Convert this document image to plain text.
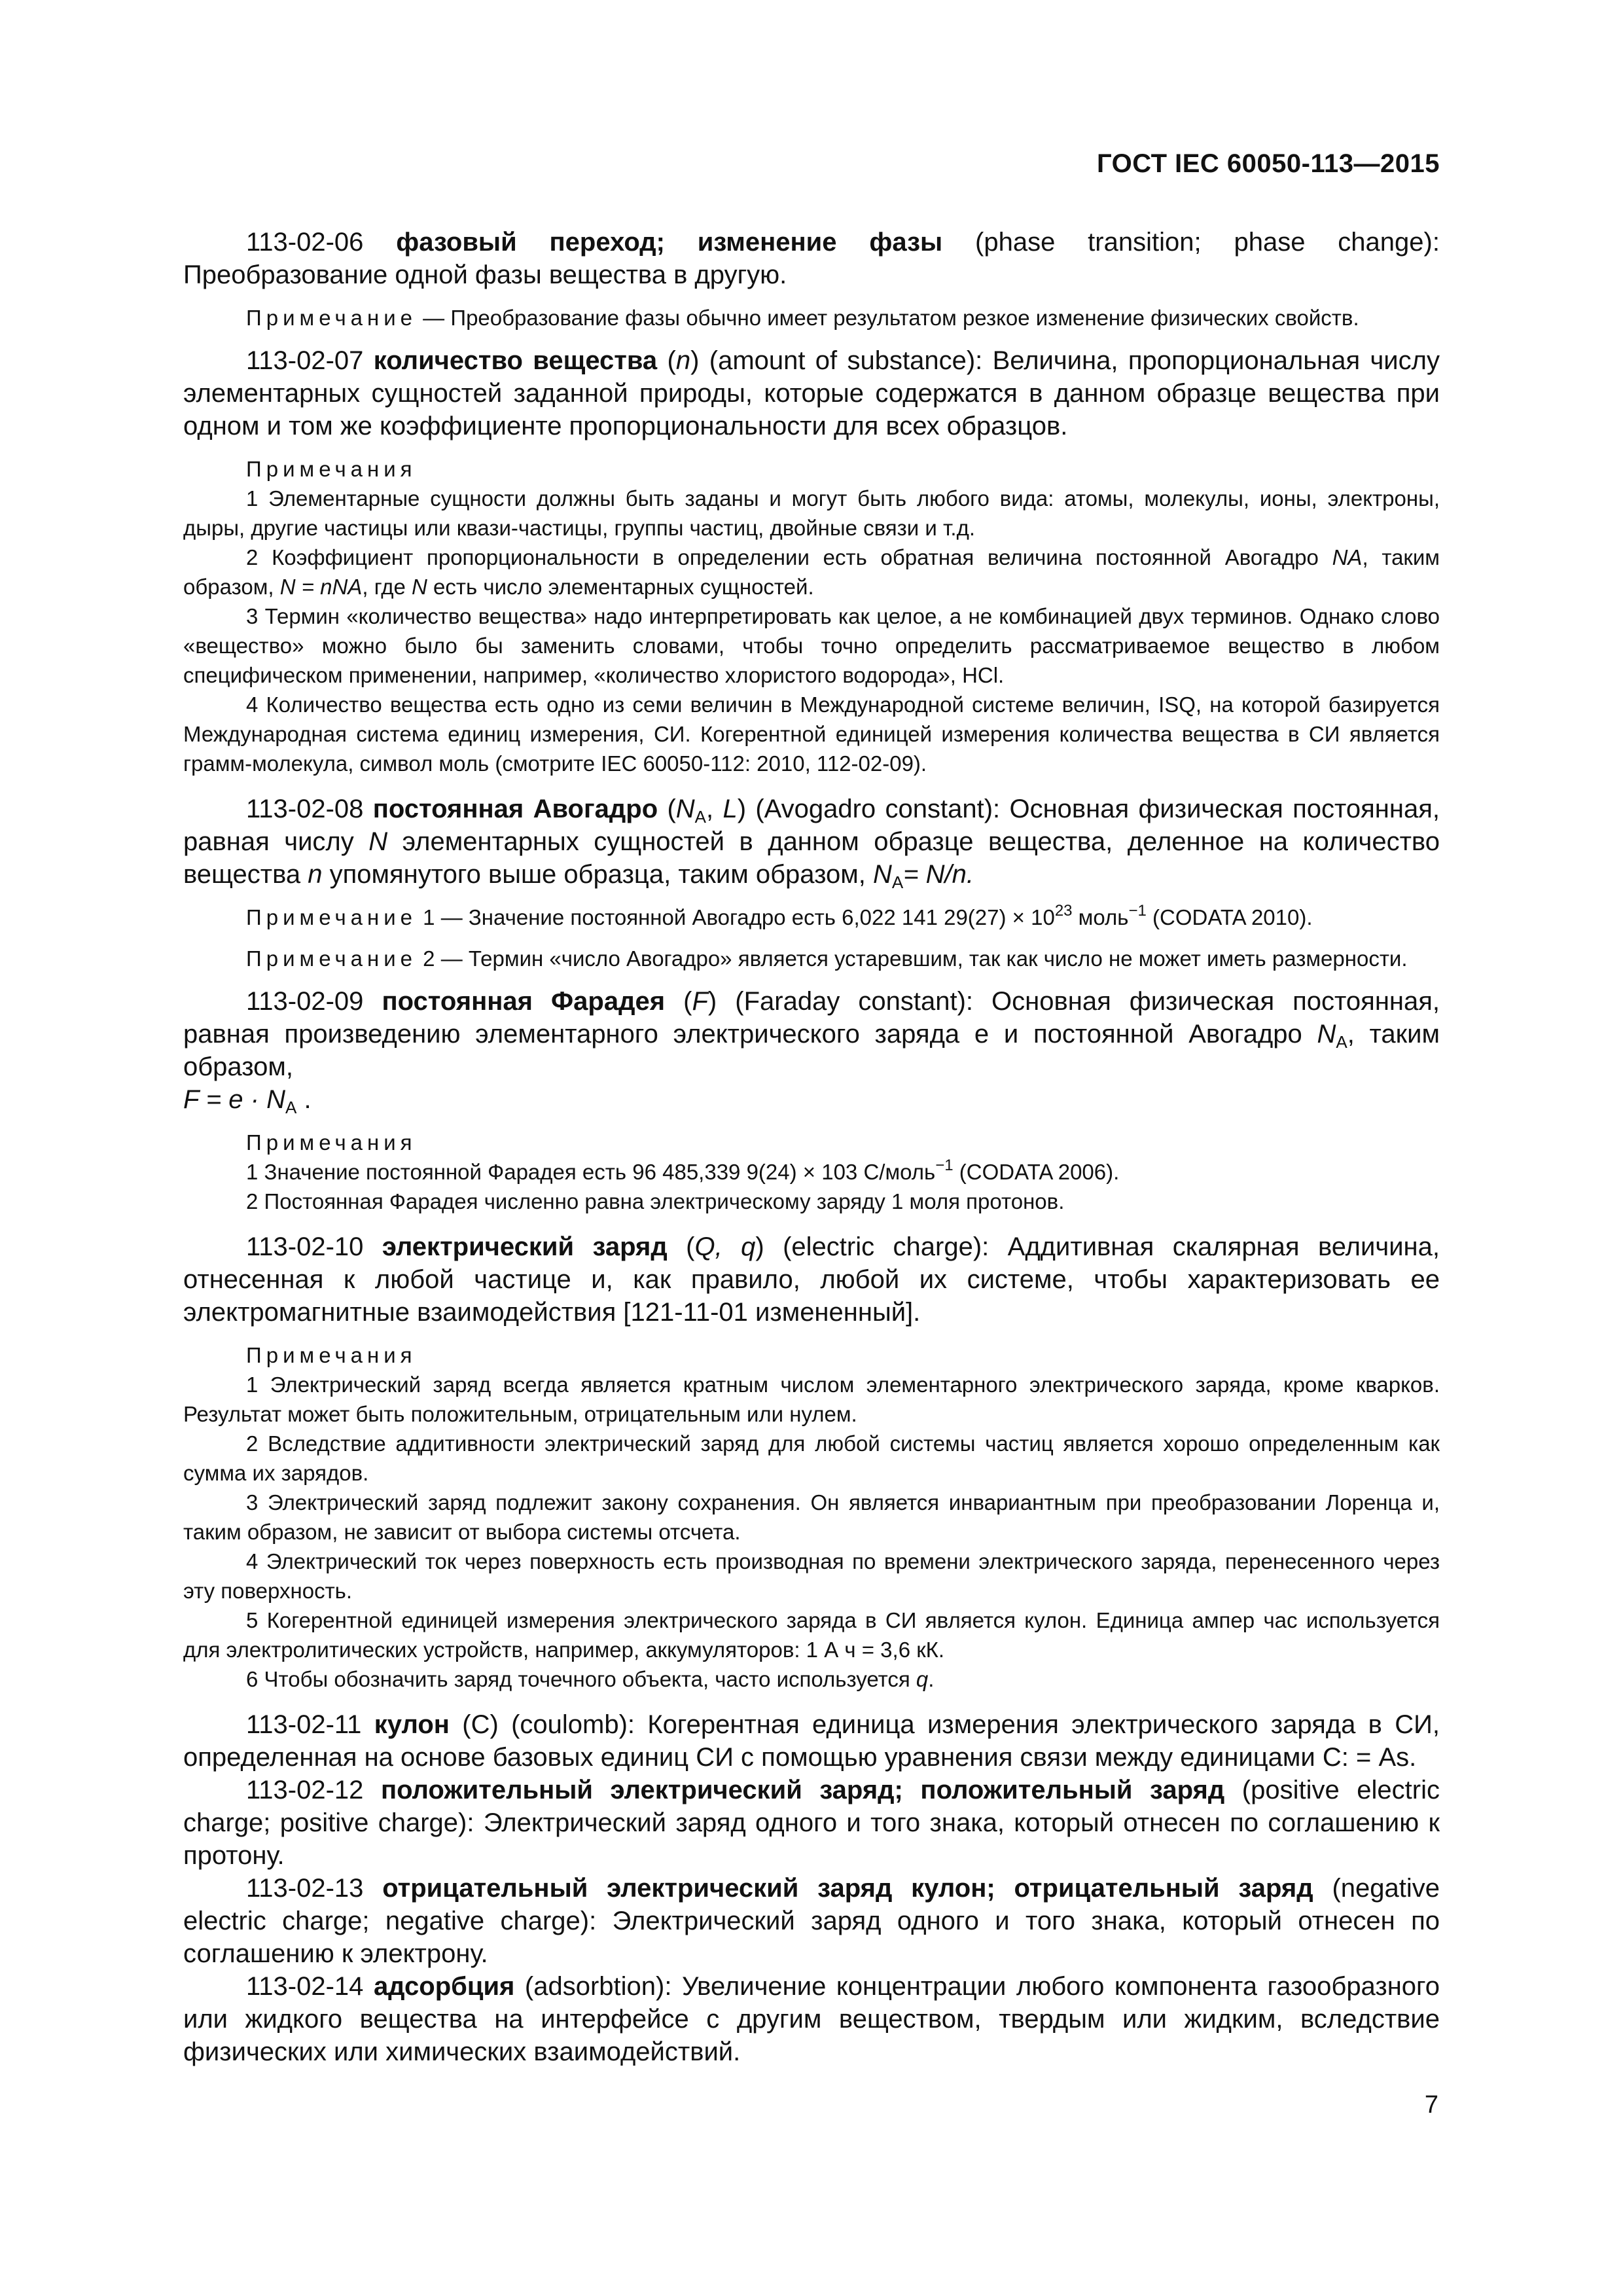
ГОСТ IEC 60050-113—2015

113-02-06 фазовый переход; изменение фазы (phase transition; phase change): Преобразование одной фазы вещества в другую.

Примечание — Преобразование фазы обычно имеет результатом резкое изменение физических свойств.

113-02-07 количество вещества (n) (amount of substance): Величина, пропорциональная числу элементарных сущностей заданной природы, которые содержатся в данном образце вещества при одном и том же коэффициенте пропорциональности для всех образцов.

Примечания
1 Элементарные сущности должны быть заданы и могут быть любого вида: атомы, молекулы, ионы, электроны, дыры, другие частицы или квази-частицы, группы частиц, двойные связи и т.д.
2 Коэффициент пропорциональности в определении есть обратная величина постоянной Авогадро NA, таким образом, N = nNA, где N есть число элементарных сущностей.
3 Термин «количество вещества» надо интерпретировать как целое, а не комбинацией двух терминов. Однако слово «вещество» можно было бы заменить словами, чтобы точно определить рассматриваемое вещество в любом специфическом применении, например, «количество хлористого водорода», HCl.
4 Количество вещества есть одно из семи величин в Международной системе величин, ISQ, на которой базируется Международная система единиц измерения, СИ. Когерентной единицей измерения количества вещества в СИ является грамм-молекула, символ моль (смотрите IEC 60050-112: 2010, 112-02-09).

113-02-08 постоянная Авогадро ($N_A$, L) (Avogadro constant): Основная физическая постоянная, равная числу N элементарных сущностей в данном образце вещества, деленное на количество вещества n упомянутого выше образца, таким образом, $N_A= N/n$.

Примечание 1 — Значение постоянной Авогадро есть 6,022 141 $29(27) \times 10^{23}$ моль$^{-1}$ (CODATA 2010).

Примечание 2 — Термин «число Авогадро» является устаревшим, так как число не может иметь размерности.

113-02-09 постоянная Фарадея (F) (Faraday constant): Основная физическая постоянная, равная произведению элементарного электрического заряда e и постоянной Авогадро $N_A$, таким образом,
$F = e \cdot N_A$ .

Примечания
1 Значение постоянной Фарадея есть 96 485,339 9(24) × 103 С/моль$^{-1}$ (CODATA 2006).
2 Постоянная Фарадея численно равна электрическому заряду 1 моля протонов.

113-02-10 электрический заряд (Q, q) (electric charge): Аддитивная скалярная величина, отнесенная к любой частице и, как правило, любой их системе, чтобы характеризовать ее электромагнитные взаимодействия [121-11-01 измененный].

Примечания
1 Электрический заряд всегда является кратным числом элементарного электрического заряда, кроме кварков. Результат может быть положительным, отрицательным или нулем.
2 Вследствие аддитивности электрический заряд для любой системы частиц является хорошо определенным как сумма их зарядов.
3 Электрический заряд подлежит закону сохранения. Он является инвариантным при преобразовании Лоренца и, таким образом, не зависит от выбора системы отсчета.
4 Электрический ток через поверхность есть производная по времени электрического заряда, перенесенного через эту поверхность.
5 Когерентной единицей измерения электрического заряда в СИ является кулон. Единица ампер час используется для электролитических устройств, например, аккумуляторов: 1 А ч = 3,6 кК.
6 Чтобы обозначить заряд точечного объекта, часто используется q.

113-02-11 кулон (С) (coulomb): Когерентная единица измерения электрического заряда в СИ, определенная на основе базовых единиц СИ с помощью уравнения связи между единицами С: = As.

113-02-12 положительный электрический заряд; положительный заряд (positive electric charge; positive charge): Электрический заряд одного и того знака, который отнесен по соглашению к протону.

113-02-13 отрицательный электрический заряд кулон; отрицательный заряд (negative electric charge; negative charge): Электрический заряд одного и того знака, который отнесен по соглашению к электрону.

113-02-14 адсорбция (adsorbtion): Увеличение концентрации любого компонента газообразного или жидкого вещества на интерфейсе с другим веществом, твердым или жидким, вследствие физических или химических взаимодействий.

7
